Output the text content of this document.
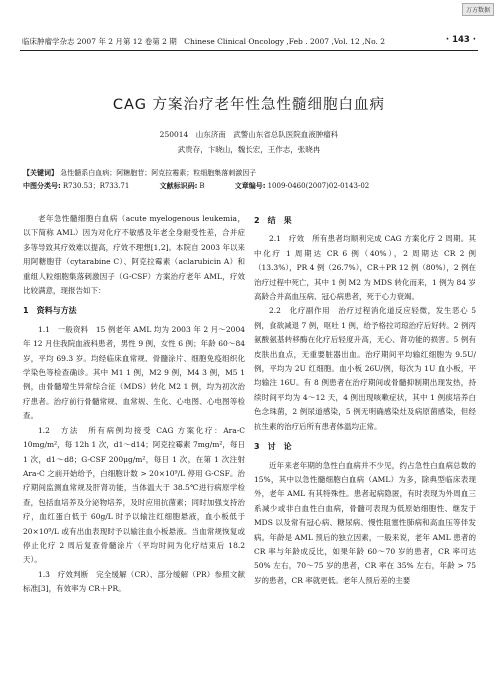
万方数据
临床肿瘤学杂志 2007 年 2 月第 12 卷第 2 期　Chinese Clinical Oncology ,Feb . 2007 ,Vol. 12 ,No. 2	· 143 ·
CAG 方案治疗老年性急性髓细胞白血病
250014　山东济南　武警山东省总队医院血液肿瘤科
武贵存，卞晓山，魏长宏，王作志，张晓冉
【关键词】 急性髓系白血病；阿糖胞苷；阿克拉霉素；粒细胞集落刺激因子
中图分类号: R730.53；R733.71	文献标识码: B	文章编号: 1009-0460(2007)02-0143-02

老年急性髓细胞白血病（acute myelogenous leukemia，以下简称 AML）因为对化疗不敏感及年老全身耐受性差，合并症多等导致其疗效难以提高，疗效不理想[1,2]。本院自 2003 年以来用阿糖胞苷（cytarabine C）、阿克拉霉素（aclarubicin A）和重组人粒细胞集落刺激因子（G-CSF）方案治疗老年 AML，疗效比较满意，现报告如下：

1　资料与方法

1.1　一般资料　15 例老年 AML 均为 2003 年 2 月～2004 年 12 月住我院血液科患者，男性 9 例，女性 6 例；年龄 60～84 岁，平均 69.3 岁。均经临床血常规、骨髓涂片、细胞免疫组织化学染色等检查确诊。其中 M1 1 例，M2 9 例，M4 3 例，M5 1 例，由骨髓增生异常综合征（MDS）转化 M2 1 例，均为初次治疗患者。治疗前行骨髓常规、血常规、生化、心电图、心电图等检查。

1.2　方法　所有病例均接受 CAG 方案化疗：Ara-C 10mg/m²，每 12h 1 次，d1～d14；阿克拉霉素 7mg/m²，每日 1 次，d1～d8；G-CSF 200μg/m²，每日 1 次，在第 1 次注射 Ara-C 之前开始给予，白细胞计数 > 20×10⁹/L 停用 G-CSF。治疗期间监测血常规及肝肾功能，当体温大于 38.5℃进行病原学检查，包括血培养及分泌物培养，及时应用抗菌素；同时加强支持治疗，血红蛋白低于 60g/L 时予以输注红细胞悬液，血小板低于 20×10⁹/L 或有出血表现时予以输注血小板悬液。当血常规恢复或停止化疗 2 周后复查骨髓涂片（平均时间为化疗结束后 18.2 天）。

1.3　疗效判断　完全缓解（CR）、部分缓解（PR）参照文献标准[3]，有效率为 CR＋PR。

2　结　果

2.1　疗效　所有患者均顺利完成 CAG 方案化疗 2 周期。其中化疗 1 周期达 CR 6 例（40%），2 周期达 CR 2 例（13.3%），PR 4 例（26.7%），CR＋PR 12 例（80%），2 例在治疗过程中死亡，其中 1 例 M2 为 MDS 转化而来，1 例为 84 岁高龄合并高血压病、冠心病患者，死于心力衰竭。

2.2　化疗副作用　治疗过程消化道反应轻微，发生恶心 5 例，食欲减退 7 例，呕吐 1 例，给予格拉司琼治疗后好转。2 例丙氨酸氨基转移酶在化疗后轻度升高，无心、肾功能的损害。5 例有皮肤出血点，无重要脏器出血。治疗期间平均输红细胞为 9.5U/例，平均为 2U 红细胞。血小板 26U/例，每次为 1U 血小板，平均输注 16U。有 8 例患者在治疗期间或骨髓抑制期出现发热，持续时间平均为 4～12 天，4 例出现咳嗽症状，其中 1 例痰培养白色念珠菌，2 例尿道感染，5 例无明确感染灶及病原菌感染，但经抗生素的治疗后所有患者体温均正常。

3　讨　论

近年来老年期的急性白血病并不少见，约占急性白血病总数的 15%，其中以急性髓细胞白血病（AML）为多，除典型临床表现外，老年 AML 有其特殊性。患者起病隐匿，有时表现为外周血三系减少或非白血性白血病，骨髓可表现为低原始细胞性、继发于 MDS 以及常有冠心病、糖尿病、慢性阻塞性肺病和高血压等伴发病。年龄是 AML 预后的独立因素，一般来说，老年 AML 患者的 CR 率与年龄成反比，如果年龄 60～70 岁的患者，CR 率可达 50% 左右，70～75 岁的患者，CR 率在 35% 左右，年龄 > 75 岁的患者，CR 率就更低。老年人预后差的主要
